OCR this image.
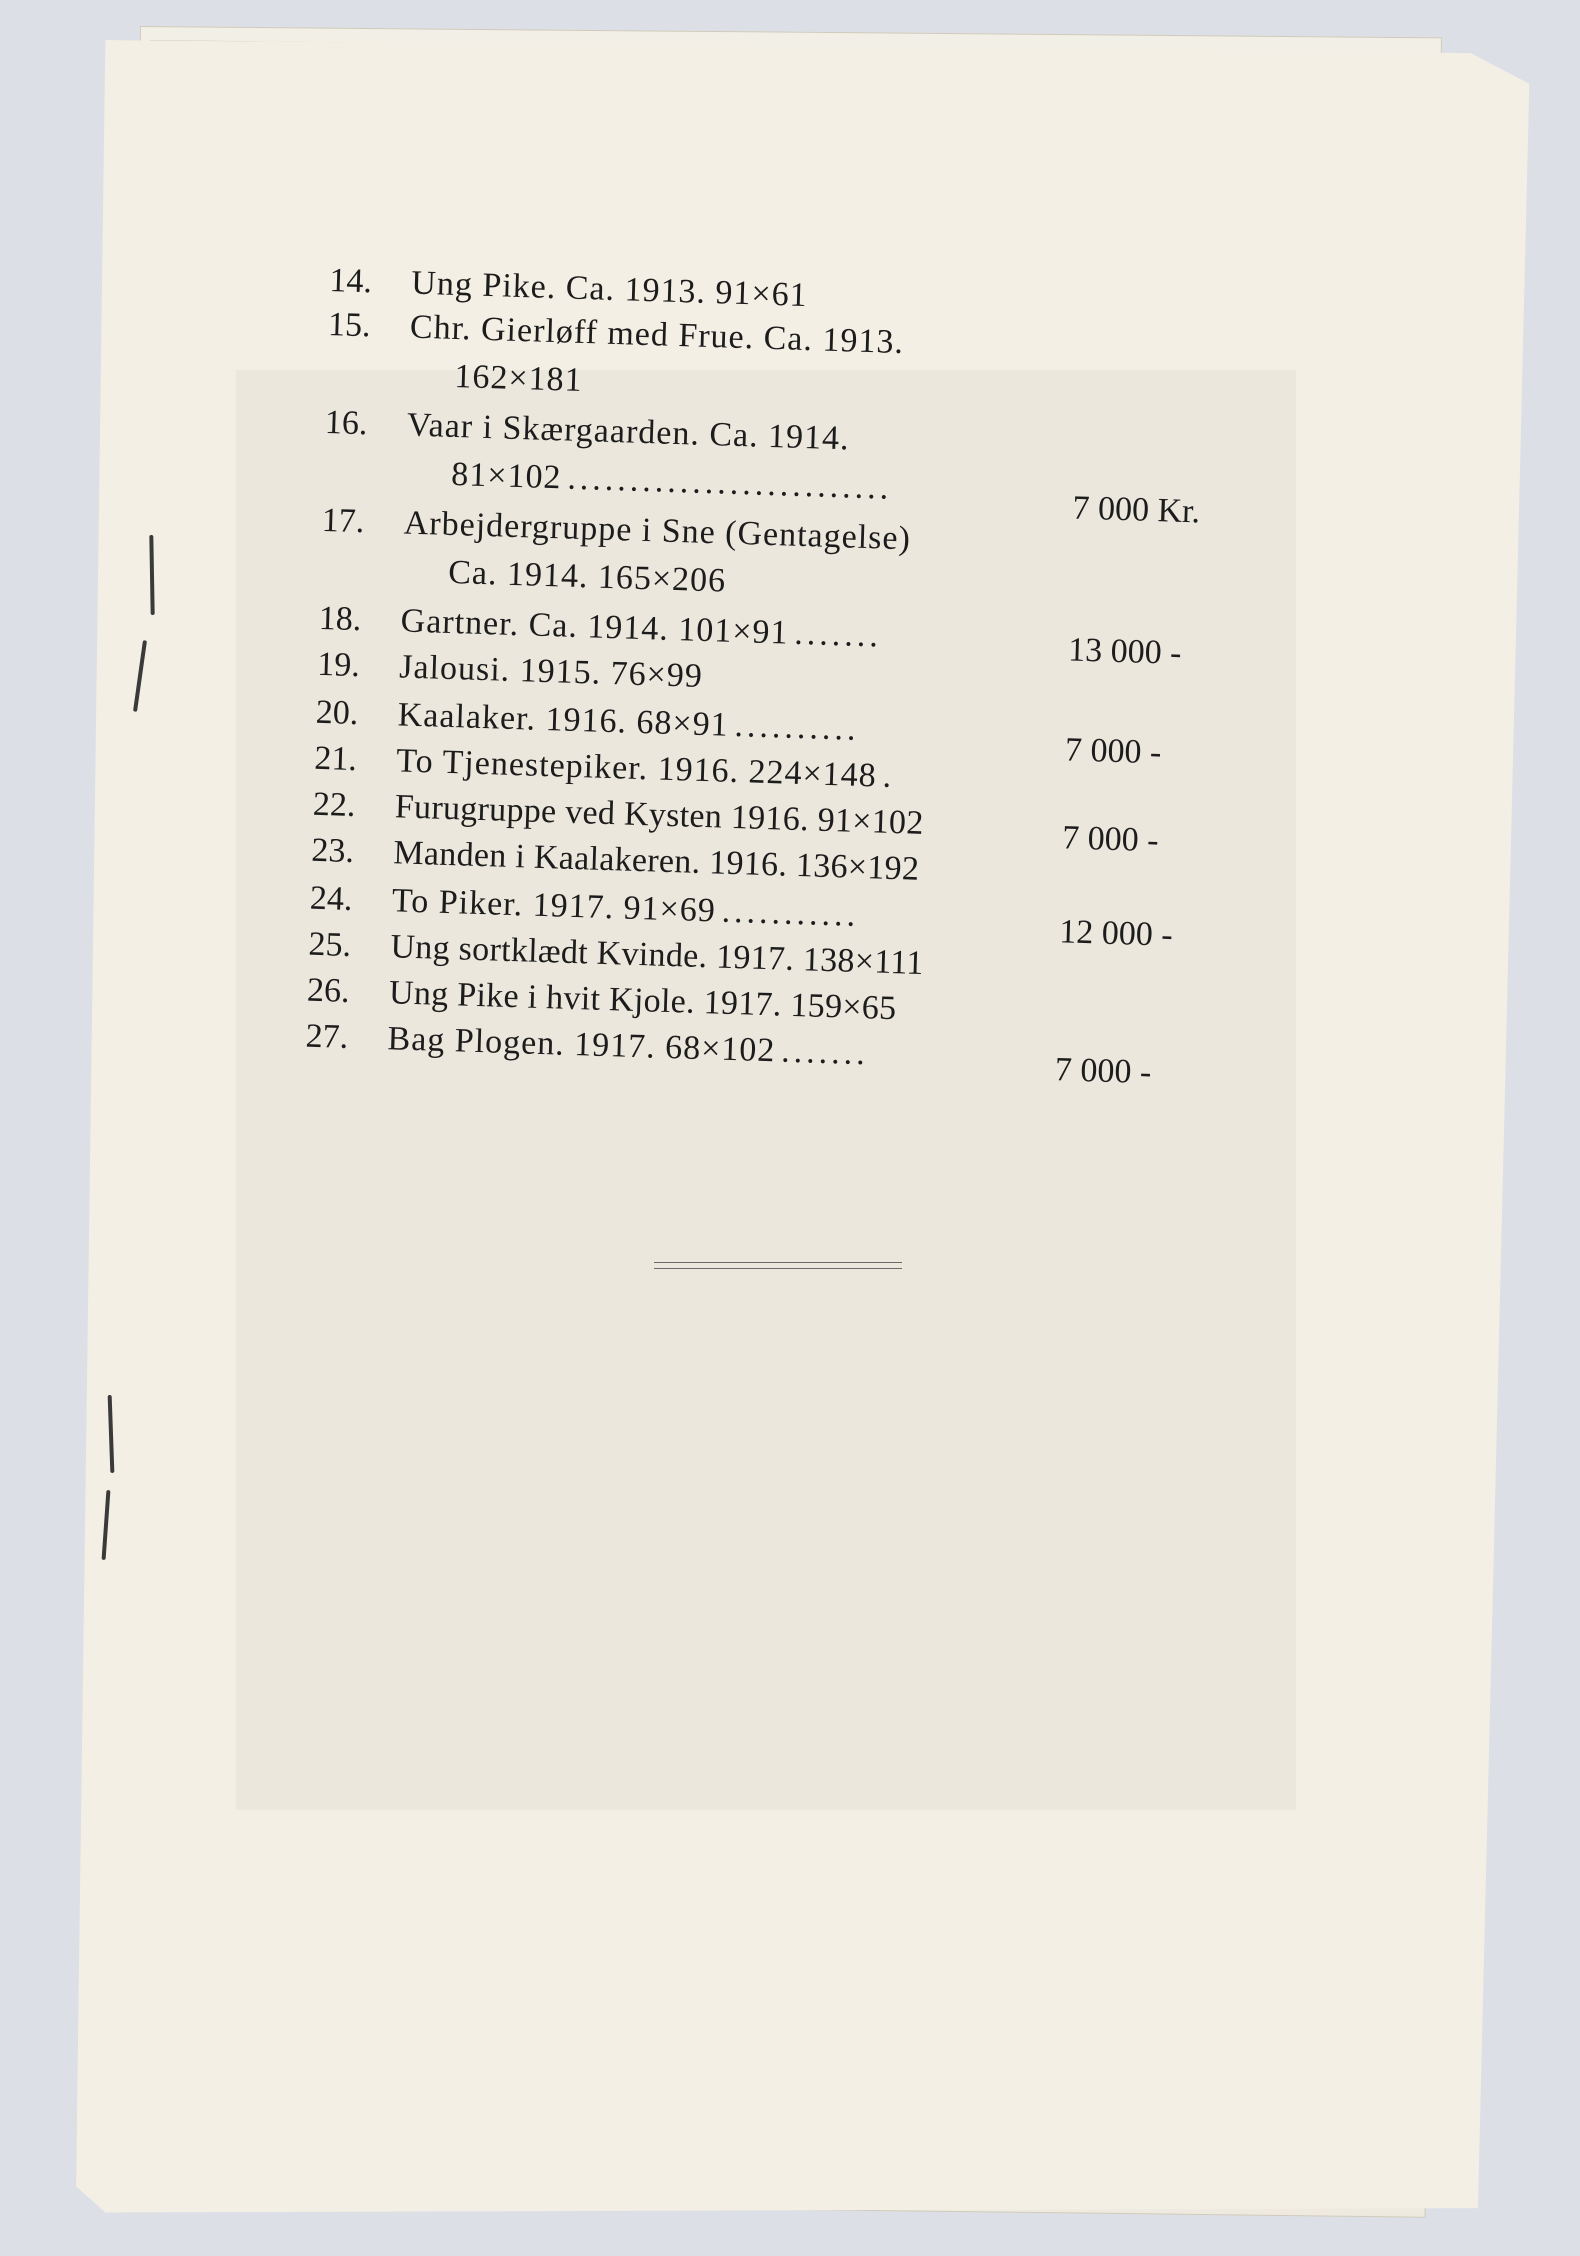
14.	Ung Pike. Ca. 1913. 91×61
15.	Chr. Gierløff med Frue. Ca. 1913.
162×181
16.	Vaar i Skærgaarden. Ca. 1914.
81×102 ..........................
7 000 Kr.
17.	Arbejdergruppe i Sne (Gentagelse)
Ca. 1914. 165×206
18.	Gartner. Ca. 1914. 101×91 .......	13 000 -
19.	Jalousi. 1915. 76×99
20.	Kaalaker. 1916. 68×91 ..........
7 000 -
21.	To Tjenestepiker. 1916. 224×148 .
22.	Furugruppe ved Kysten 1916. 91×102	7 000 -
23.	Manden i Kaalakeren. 1916. 136×192
24.	To Piker. 1917. 91×69 ...........	12 000 -
25.	Ung sortklædt Kvinde. 1917. 138×111
26.	Ung Pike i hvit Kjole. 1917. 159×65
27.	Bag Plogen. 1917. 68×102 .......	7 000 -
